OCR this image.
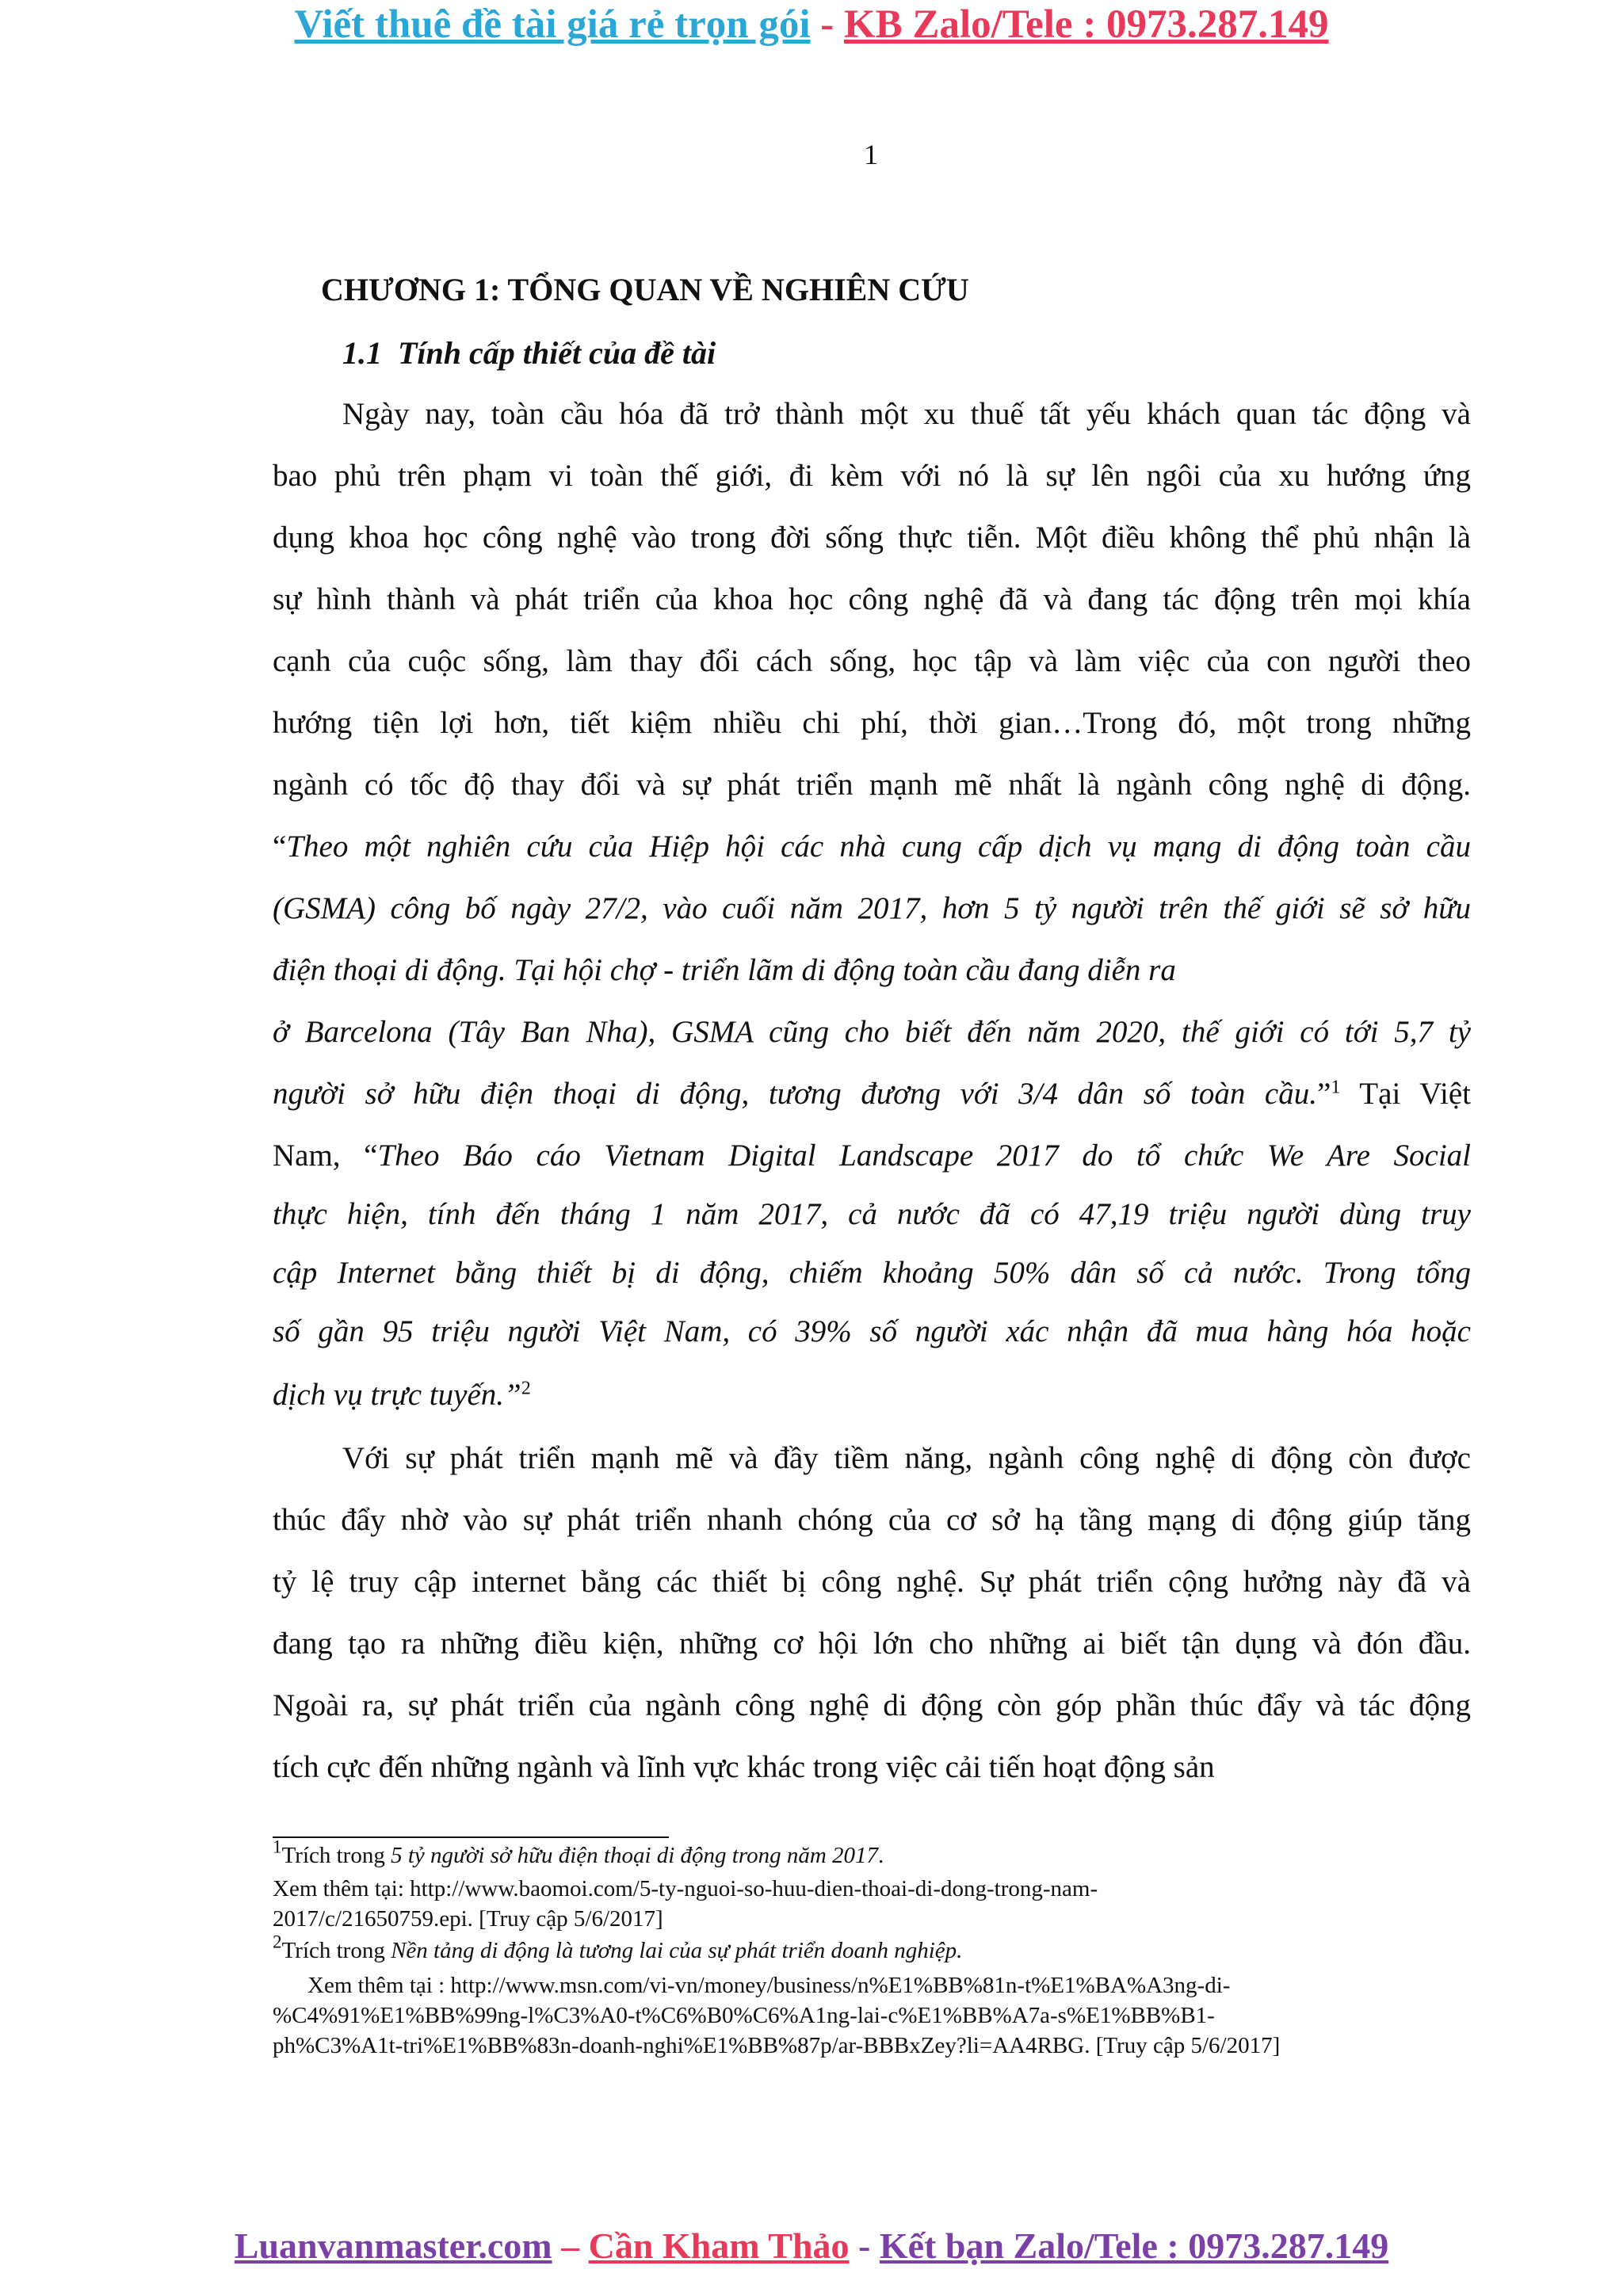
Viết thuê đề tài giá rẻ trọn gói - KB Zalo/Tele : 0973.287.149
1
CHƯƠNG 1: TỔNG QUAN VỀ NGHIÊN CỨU
1.1  Tính cấp thiết của đề tài
Ngày nay, toàn cầu hóa đã trở thành một xu thuế tất yếu khách quan tác động và
bao phủ trên phạm vi toàn thế giới, đi kèm với nó là sự lên ngôi của xu hướng ứng
dụng khoa học công nghệ vào trong đời sống thực tiễn. Một điều không thể phủ nhận là
sự hình thành và phát triển của khoa học công nghệ đã và đang tác động trên mọi khía
cạnh của cuộc sống, làm thay đổi cách sống, học tập và làm việc của con người theo
hướng tiện lợi hơn, tiết kiệm nhiều chi phí, thời gian…Trong đó, một trong những
ngành có tốc độ thay đổi và sự phát triển mạnh mẽ nhất là ngành công nghệ di động.
“Theo một nghiên cứu của Hiệp hội các nhà cung cấp dịch vụ mạng di động toàn cầu
(GSMA) công bố ngày 27/2, vào cuối năm 2017, hơn 5 tỷ người trên thế giới sẽ sở hữu
điện thoại di động. Tại hội chợ - triển lãm di động toàn cầu đang diễn ra
ở Barcelona (Tây Ban Nha), GSMA cũng cho biết đến năm 2020, thế giới có tới 5,7 tỷ
người sở hữu điện thoại di động, tương đương với 3/4 dân số toàn cầu.”$^1$ Tại Việt
Nam, “Theo Báo cáo Vietnam Digital Landscape 2017 do tổ chức We Are Social
thực hiện, tính đến tháng 1 năm 2017, cả nước đã có 47,19 triệu người dùng truy
cập Internet bằng thiết bị di động, chiếm khoảng 50% dân số cả nước. Trong tổng
số gần 95 triệu người Việt Nam, có 39% số người xác nhận đã mua hàng hóa hoặc
dịch vụ trực tuyến.”$^2$
Với sự phát triển mạnh mẽ và đầy tiềm năng, ngành công nghệ di động còn được
thúc đẩy nhờ vào sự phát triển nhanh chóng của cơ sở hạ tầng mạng di động giúp tăng
tỷ lệ truy cập internet bằng các thiết bị công nghệ. Sự phát triển cộng hưởng này đã và
đang tạo ra những điều kiện, những cơ hội lớn cho những ai biết tận dụng và đón đầu.
Ngoài ra, sự phát triển của ngành công nghệ di động còn góp phần thúc đẩy và tác động
tích cực đến những ngành và lĩnh vực khác trong việc cải tiến hoạt động sản
$^1$Trích trong 5 tỷ người sở hữu điện thoại di động trong năm 2017.
Xem thêm tại: http://www.baomoi.com/5-ty-nguoi-so-huu-dien-thoai-di-dong-trong-nam-
2017/c/21650759.epi. [Truy cập 5/6/2017]
$^2$Trích trong Nền tảng di động là tương lai của sự phát triển doanh nghiệp.
Xem thêm tại : http://www.msn.com/vi-vn/money/business/n%E1%BB%81n-t%E1%BA%A3ng-di-
%C4%91%E1%BB%99ng-l%C3%A0-t%C6%B0%C6%A1ng-lai-c%E1%BB%A7a-s%E1%BB%B1-
ph%C3%A1t-tri%E1%BB%83n-doanh-nghi%E1%BB%87p/ar-BBBxZey?li=AA4RBG. [Truy cập 5/6/2017]
Luanvanmaster.com – Cần Kham Thảo - Kết bạn Zalo/Tele : 0973.287.149
